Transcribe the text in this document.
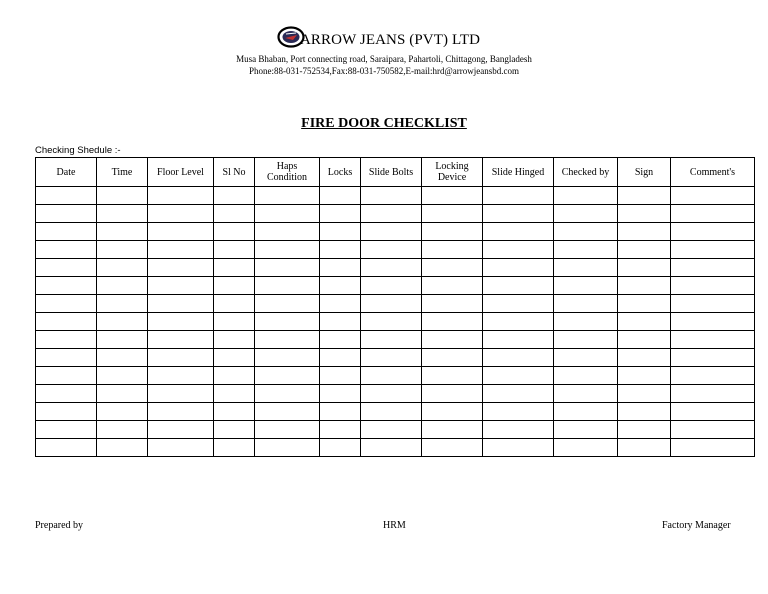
ARROW JEANS (PVT) LTD
Musa Bhaban, Port connecting road, Saraipara, Pahartoli, Chittagong, Bangladesh
Phone:88-031-752534,Fax:88-031-750582,E-mail:hrd@arrowjeansbd.com
FIRE DOOR CHECKLIST
Checking Shedule :-
Date	Time	Floor Level	Sl No	Haps Condition	Locks	Slide Bolts	Locking Device	Slide Hinged	Checked by	Sign	Comment's

Prepared by	HRM	Factory Manager
